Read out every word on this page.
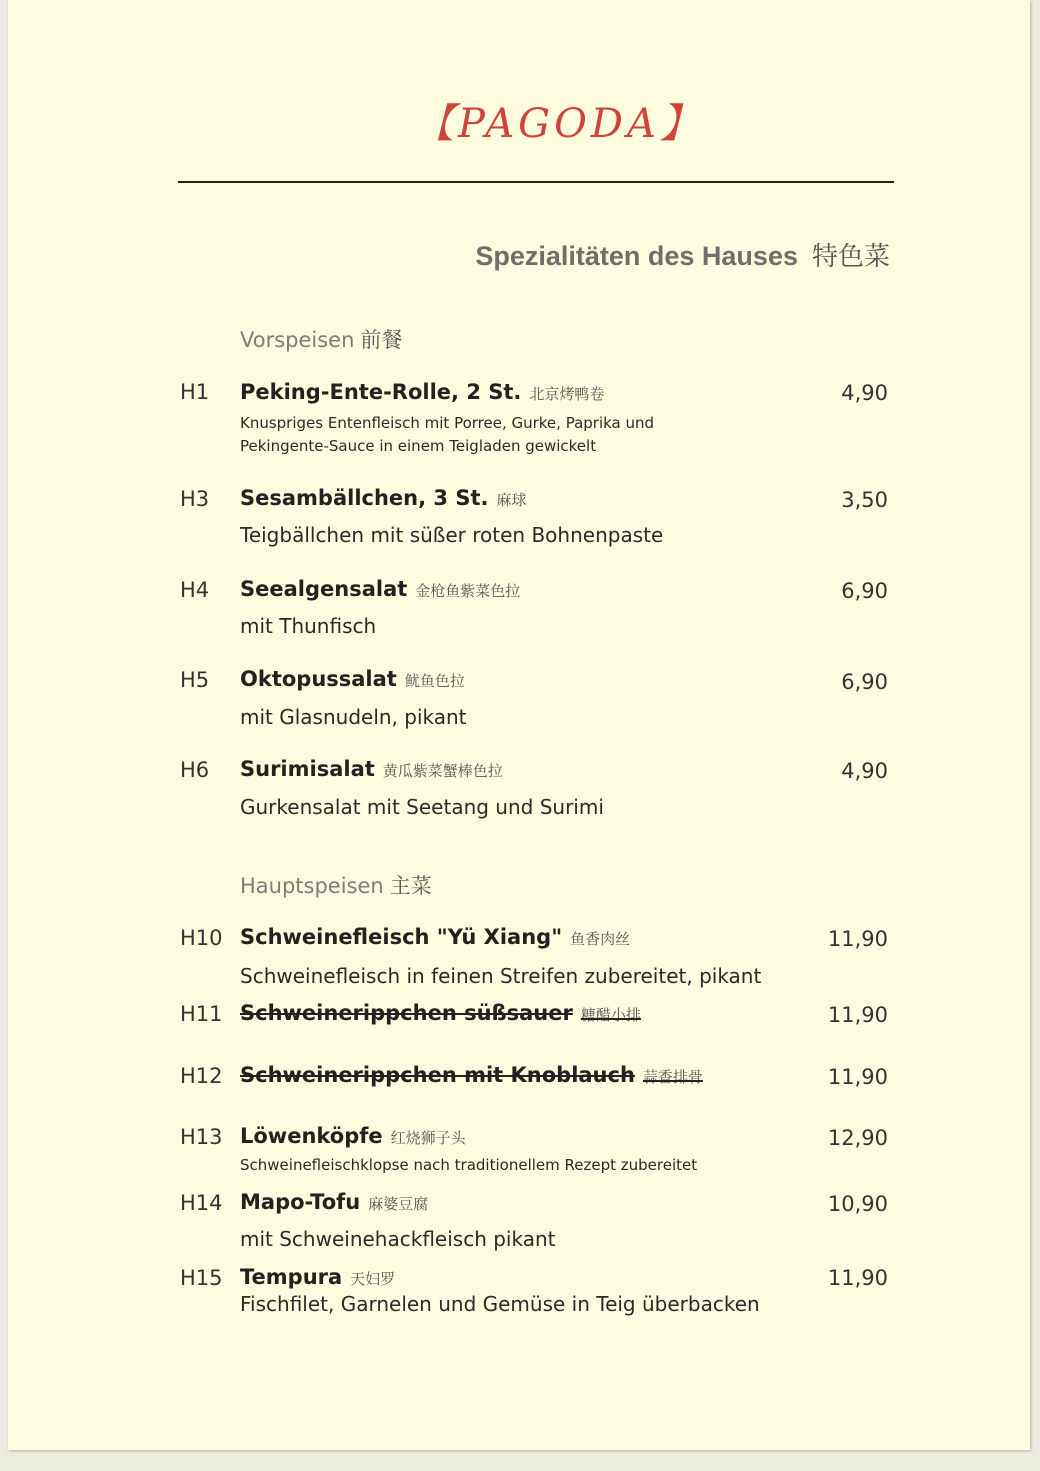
【PAGODA】
Spezialitäten des Hauses 特色菜
Vorspeisen 前餐
H1 Peking-Ente-Rolle, 2 St. 北京烤鸭卷	4,90
Knuspriges Entenfleisch mit Porree, Gurke, Paprika und
Pekingente-Sauce in einem Teigladen gewickelt
H3 Sesambällchen, 3 St. 麻球	3,50
Teigbällchen mit süßer roten Bohnenpaste
H4 Seealgensalat 金枪鱼紫菜色拉	6,90
mit Thunfisch
H5 Oktopussalat 鱿鱼色拉	6,90
mit Glasnudeln, pikant
H6 Surimisalat 黄瓜紫菜蟹棒色拉	4,90
Gurkensalat mit Seetang und Surimi
Hauptspeisen 主菜
H10 Schweinefleisch "Yü Xiang" 鱼香肉丝	11,90
Schweinefleisch in feinen Streifen zubereitet, pikant
H11 Schweinerippchen süßsauer 糖醋小排	11,90
H12 Schweinerippchen mit Knoblauch 蒜香排骨	11,90
H13 Löwenköpfe 红烧狮子头	12,90
Schweinefleischklopse nach traditionellem Rezept zubereitet
H14 Mapo-Tofu 麻婆豆腐	10,90
mit Schweinehackfleisch pikant
H15 Tempura 天妇罗	11,90
Fischfilet, Garnelen und Gemüse in Teig überbacken
